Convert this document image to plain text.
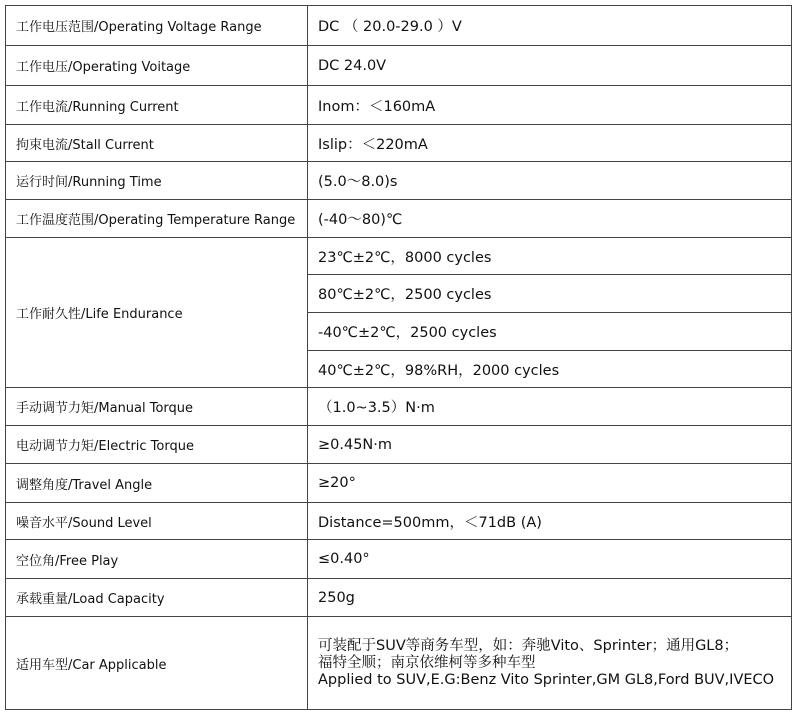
工作电压范围/Operating Voltage Range	DC （ 20.0-29.0 ）V
工作电压/Operating Voitage	DC 24.0V
工作电流/Running Current	Inom：＜160mA
拘束电流/Stall Current	Islip：＜220mA
运行时间/Running Time	(5.0～8.0)s
工作温度范围/Operating Temperature Range	(-40～80)℃
工作耐久性/Life Endurance	23℃±2℃，8000 cycles
	80℃±2℃，2500 cycles
	-40℃±2℃，2500 cycles
	40℃±2℃，98%RH，2000 cycles
手动调节力矩/Manual Torque	（1.0~3.5）N·m
电动调节力矩/Electric Torque	≥0.45N·m
调整角度/Travel Angle	≥20°
噪音水平/Sound Level	Distance=500mm，＜71dB (A)
空位角/Free Play	≤0.40°
承载重量/Load Capacity	250g
适用车型/Car Applicable	可装配于SUV等商务车型，如：奔驰Vito、Sprinter；通用GL8；
福特全顺；南京依维柯等多种车型
Applied to SUV,E.G:Benz Vito Sprinter,GM GL8,Ford BUV,IVECO
